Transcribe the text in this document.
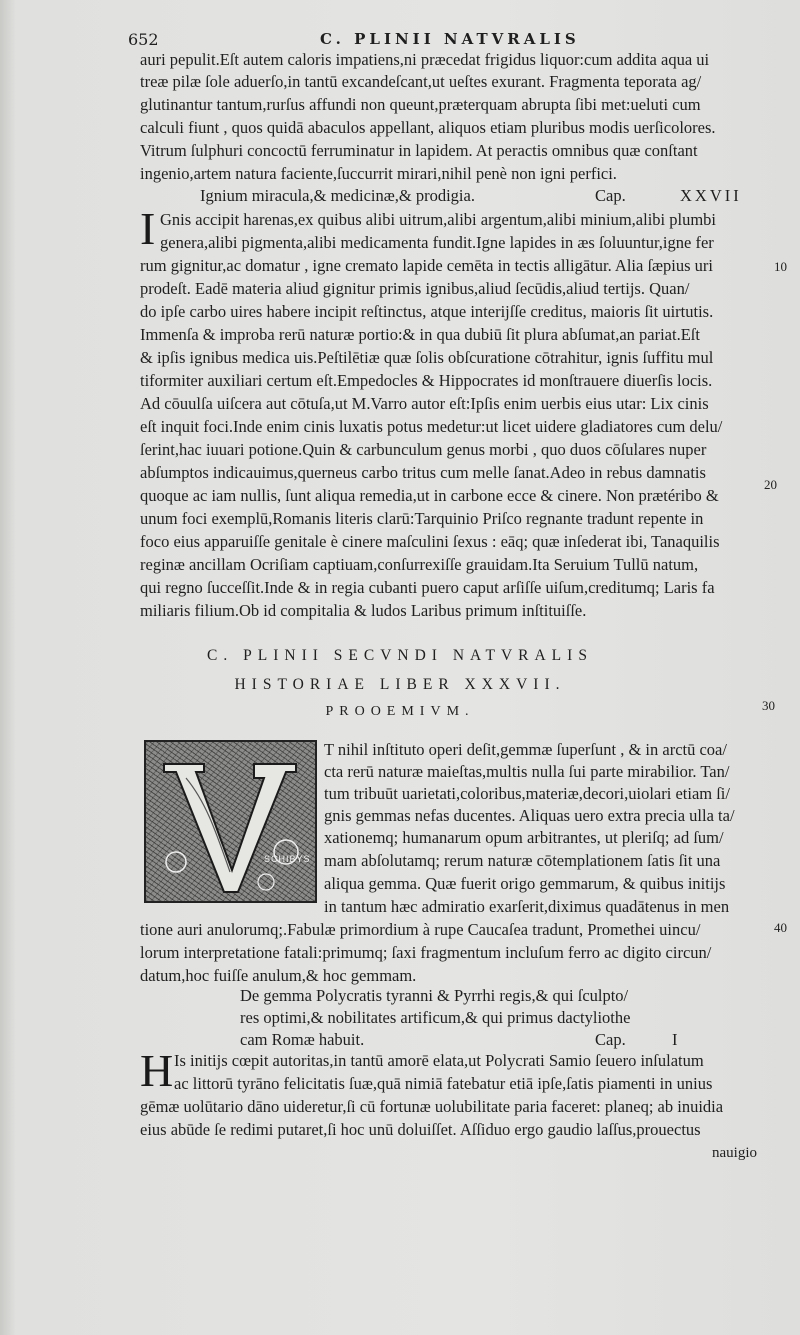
652	C. PLINII NATVRALIS
auri pepulit.Eſt autem caloris impatiens,ni præcedat frigidus liquor:cum addita aqua ui
treæ pilæ ſole aduerſo,in tantū excandeſcant,ut ueſtes exurant. Fragmenta teporata ag/
glutinantur tantum,rurſus affundi non queunt,præterquam abrupta ſibi met:ueluti cum
calculi fiunt , quos quidā abaculos appellant, aliquos etiam pluribus modis uerſicolores.
Vitrum ſulphuri concoctū ferruminatur in lapidem. At peractis omnibus quæ conſtant
ingenio,artem natura faciente,ſuccurrit mirari,nihil penè non igni perfici.
Ignium miracula,& medicinæ,& prodigia.	Cap.	XXVII
I Gnis accipit harenas,ex quibus alibi uitrum,alibi argentum,alibi minium,alibi plumbi
genera,alibi pigmenta,alibi medicamenta fundit.Igne lapides in æs ſoluuntur,igne fer
rum gignitur,ac domatur , igne cremato lapide cemēta in tectis alligātur. Alia ſæpius uri
prodeſt. Eadē materia aliud gignitur primis ignibus,aliud ſecūdis,aliud tertijs. Quan/
do ipſe carbo uires habere incipit reſtinctus, atque interijſſe creditus, maioris ſit uirtutis.
Immenſa & improba rerū naturæ portio:& in qua dubiū ſit plura abſumat,an pariat.Eſt
& ipſis ignibus medica uis.Peſtilētiæ quæ ſolis obſcuratione cōtrahitur, ignis ſuffitu mul
tiformiter auxiliari certum eſt.Empedocles & Hippocrates id monſtrauere diuerſis locis.
Ad cōuulſa uiſcera aut cōtuſa,ut M.Varro autor eſt:Ipſis enim uerbis eius utar: Lix cinis
eſt inquit foci.Inde enim cinis luxatis potus medetur:ut licet uidere gladiatores cum delu/
ſerint,hac iuuari potione.Quin & carbunculum genus morbi , quo duos cōſulares nuper
abſumptos indicauimus,querneus carbo tritus cum melle ſanat.Adeo in rebus damnatis
quoque ac iam nullis, ſunt aliqua remedia,ut in carbone ecce & cinere. Non prætéribo &
unum foci exemplū,Romanis literis clarū:Tarquinio Priſco regnante tradunt repente in
foco eius apparuiſſe genitale è cinere maſculini ſexus : eāq; quæ inſederat ibi, Tanaquilis
reginæ ancillam Ocriſiam captiuam,conſurrexiſſe grauidam.Ita Seruium Tullū natum,
qui regno ſucceſſit.Inde & in regia cubanti puero caput arſiſſe uiſum,creditumq; Laris fa
miliaris filium.Ob id compitalia & ludos Laribus primum inſtituiſſe.
10
20
30
40
C. PLINII SECVNDI NATVRALIS
HISTORIAE LIBER XXXVII.
PROOEMIVM.
SCHIBYS
T nihil inſtituto operi deſit,gemmæ ſuperſunt , & in arctū coa/
cta rerū naturæ maieſtas,multis nulla ſui parte mirabilior. Tan/
tum tribuūt uarietati,coloribus,materiæ,decori,uiolari etiam ſi/
gnis gemmas nefas ducentes. Aliquas uero extra precia ulla ta/
xationemq; humanarum opum arbitrantes, ut pleriſq; ad ſum/
mam abſolutamq; rerum naturæ cōtemplationem ſatis ſit una
aliqua gemma. Quæ fuerit origo gemmarum, & quibus initijs
in tantum hæc admiratio exarſerit,diximus quadātenus in men
tione auri anulorumq;.Fabulæ primordium à rupe Caucaſea tradunt, Promethei uincu/
lorum interpretatione fatali:primumq; ſaxi fragmentum incluſum ferro ac digito circun/
datum,hoc fuiſſe anulum,& hoc gemmam.
De gemma Polycratis tyranni & Pyrrhi regis,& qui ſculpto/
res optimi,& nobilitates artificum,& qui primus dactyliothe
cam Romæ habuit.	Cap.	I
H Is initijs cœpit autoritas,in tantū amorē elata,ut Polycrati Samio ſeuero inſulatum
ac littorū tyrāno felicitatis ſuæ,quā nimiā fatebatur etiā ipſe,ſatis piamenti in unius
gēmæ uolūtario dāno uideretur,ſi cū fortunæ uolubilitate paria faceret: planeq; ab inuidia
eius abūde ſe redimi putaret,ſi hoc unū doluiſſet. Aſſiduo ergo gaudio laſſus,prouectus
nauigio
